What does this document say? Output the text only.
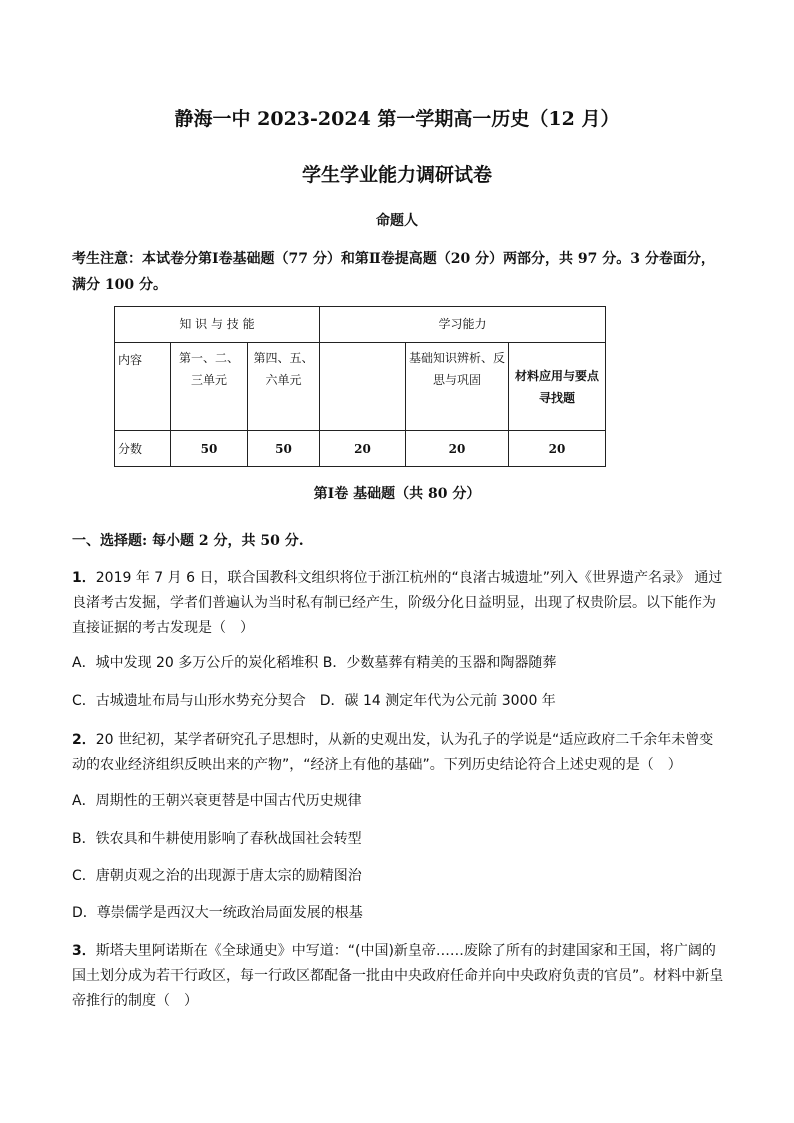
静海一中 2023-2024 第一学期高一历史（12 月）
学生学业能力调研试卷
命题人
考生注意：本试卷分第Ⅰ卷基础题（77 分）和第Ⅱ卷提高题（20 分）两部分，共 97 分。3 分卷面分，满分 100 分。
知 识 与 技 能			学习能力		
内容	第一、二、三单元	第四、五、六单元		基础知识辨析、反思与巩固	材料应用与要点寻找题
分数	50	50	20	20	20
第Ⅰ卷 基础题（共 80 分）
一、选择题: 每小题 2 分，共 50 分.
1．2019 年 7 月 6 日，联合国教科文组织将位于浙江杭州的“良渚古城遗址”列入《世界遗产名录》 通过良渚考古发掘，学者们普遍认为当时私有制已经产生，阶级分化日益明显，出现了权贵阶层。以下能作为直接证据的考古发现是（　）
A．城中发现 20 多万公斤的炭化稻堆积 B．少数墓葬有精美的玉器和陶器随葬
C．古城遗址布局与山形水势充分契合　D．碳 14 测定年代为公元前 3000 年
2．20 世纪初，某学者研究孔子思想时，从新的史观出发，认为孔子的学说是“适应政府二千余年未曾变动的农业经济组织反映出来的产物”，“经济上有他的基础”。下列历史结论符合上述史观的是（　）
A．周期性的王朝兴衰更替是中国古代历史规律
B．铁农具和牛耕使用影响了春秋战国社会转型
C．唐朝贞观之治的出现源于唐太宗的励精图治
D．尊崇儒学是西汉大一统政治局面发展的根基
3．斯塔夫里阿诺斯在《全球通史》中写道：“(中国)新皇帝……废除了所有的封建国家和王国，将广阔的国土划分成为若干行政区，每一行政区都配备一批由中央政府任命并向中央政府负责的官员”。材料中新皇帝推行的制度（　）
